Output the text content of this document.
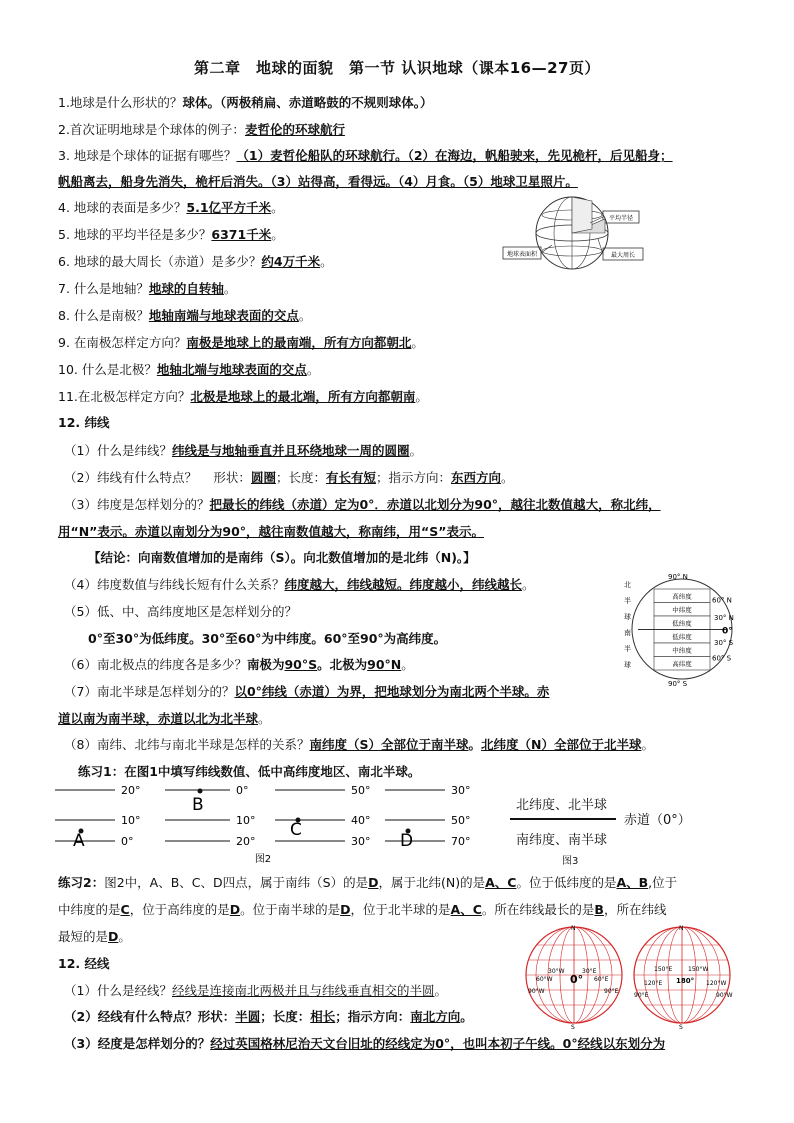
第二章　地球的面貌　第一节 认识地球（课本16—27页）
1.地球是什么形状的？球体。（两极稍扁、赤道略鼓的不规则球体。）
2.首次证明地球是个球体的例子：麦哲伦的环球航行
3. 地球是个球体的证据有哪些？（1）麦哲伦船队的环球航行。（2）在海边，帆船驶来，先见桅杆，后见船身；
帆船离去，船身先消失，桅杆后消失。（3）站得高，看得远。（4）月食。（5）地球卫星照片。
4. 地球的表面是多少？5.1亿平方千米。
5. 地球的平均半径是多少？6371千米。
6. 地球的最大周长（赤道）是多少？约4万千米。
7. 什么是地轴？地球的自转轴。
8. 什么是南极？地轴南端与地球表面的交点。
9. 在南极怎样定方向？南极是地球上的最南端，所有方向都朝北。
10. 什么是北极？地轴北端与地球表面的交点。
11.在北极怎样定方向？北极是地球上的最北端，所有方向都朝南。
平均半径
地球表面积	最大周长
12. 纬线
（1）什么是纬线？纬线是与地轴垂直并且环绕地球一周的圆圈。
（2）纬线有什么特点？　 形状：圆圈；长度：有长有短；指示方向：东西方向。
（3）纬度是怎样划分的？把最长的纬线（赤道）定为0°．赤道以北划分为90°，越往北数值越大，称北纬，
用“N”表示。赤道以南划分为90°，越往南数值越大，称南纬，用“S”表示。
【结论：向南数值增加的是南纬（S）。向北数值增加的是北纬（N)。】
（4）纬度数值与纬线长短有什么关系？纬度越大，纬线越短。纬度越小，纬线越长。
（5）低、中、高纬度地区是怎样划分的？
0°至30°为低纬度。30°至60°为中纬度。60°至90°为高纬度。
（6）南北极点的纬度各是多少？南极为90°S。北极为90°N。
（7）南北半球是怎样划分的？以0°纬线（赤道）为界，把地球划分为南北两个半球。赤
道以南为南半球，赤道以北为北半球。
（8）南纬、北纬与南北半球是怎样的关系？南纬度（S）全部位于南半球。北纬度（N）全部位于北半球。
北
半
球
南
半
球
高纬度
中纬度
低纬度
低纬度
中纬度
高纬度
90° N
60° N
30° N
0°
30° S
60° S
90° S
练习1：在图1中填写纬线数值、低中高纬度地区、南北半球。
20°
10°
0°
A
0°
10°
20°
B
50°
40°
30°
C
30°
50°
70°
D
图2
北纬度、北半球
南纬度、南半球
赤道（0°）
图3
练习2：图2中，A、B、C、D四点，属于南纬（S）的是D，属于北纬(N)的是A、C。位于低纬度的是A、B,位于
中纬度的是C，位于高纬度的是D。位于南半球的是D，位于北半球的是A、C。所在纬线最长的是B，所在纬线
最短的是D。
12. 经线
（1）什么是经线？经线是连接南北两极并且与纬线垂直相交的半圆。
（2）经线有什么特点？形状：半圆；长度：相长；指示方向：南北方向。
（3）经度是怎样划分的？经过英国格林尼治天文台旧址的经线定为0°，也叫本初子午线。0°经线以东划分为
N
S
30°W	30°E
60°W	60°E
90°W	90°E
0°
N
S
150°E	150°W
180°
120°E	120°W
90°E	90°W
